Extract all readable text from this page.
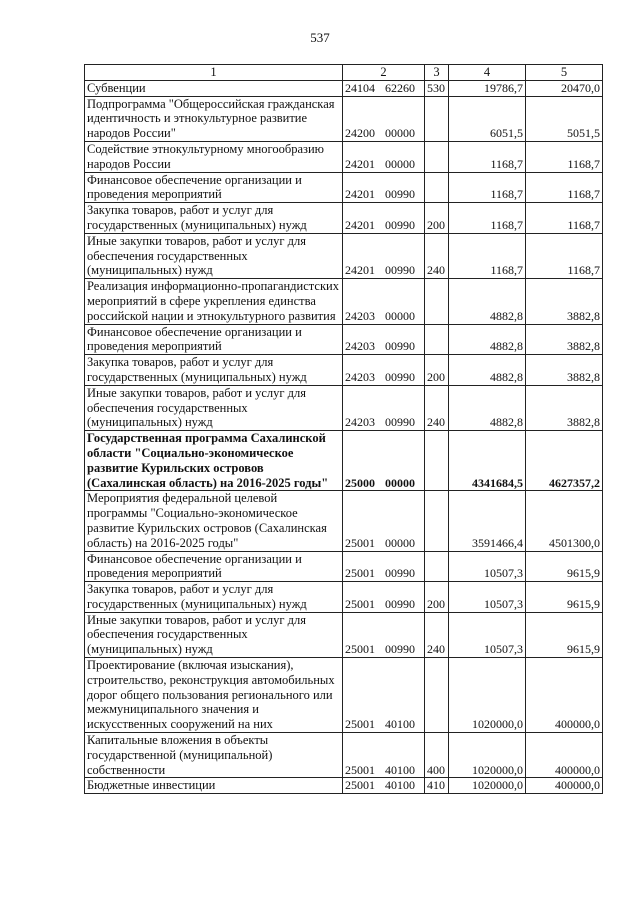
537
1	2	3	4	5
Субвенции	24104 62260	530	19786,7	20470,0
Подпрограмма "Общероссийская гражданская идентичность и этнокультурное развитие народов России"	24200 00000		6051,5	5051,5
Содействие этнокультурному многообразию народов России	24201 00000		1168,7	1168,7
Финансовое обеспечение организации и проведения мероприятий	24201 00990		1168,7	1168,7
Закупка товаров, работ и услуг для государственных (муниципальных) нужд	24201 00990	200	1168,7	1168,7
Иные закупки товаров, работ и услуг для обеспечения государственных (муниципальных) нужд	24201 00990	240	1168,7	1168,7
Реализация информационно-пропагандистских мероприятий в сфере укрепления единства российской нации и этнокультурного развития	24203 00000		4882,8	3882,8
Финансовое обеспечение организации и проведения мероприятий	24203 00990		4882,8	3882,8
Закупка товаров, работ и услуг для государственных (муниципальных) нужд	24203 00990	200	4882,8	3882,8
Иные закупки товаров, работ и услуг для обеспечения государственных (муниципальных) нужд	24203 00990	240	4882,8	3882,8
Государственная программа Сахалинской области "Социально-экономическое развитие Курильских островов (Сахалинская область) на 2016-2025 годы"	25000 00000		4341684,5	4627357,2
Мероприятия федеральной целевой программы "Социально-экономическое развитие Курильских островов (Сахалинская область) на 2016-2025 годы"	25001 00000		3591466,4	4501300,0
Финансовое обеспечение организации и проведения мероприятий	25001 00990		10507,3	9615,9
Закупка товаров, работ и услуг для государственных (муниципальных) нужд	25001 00990	200	10507,3	9615,9
Иные закупки товаров, работ и услуг для обеспечения государственных (муниципальных) нужд	25001 00990	240	10507,3	9615,9
Проектирование (включая изыскания), строительство, реконструкция автомобильных дорог общего пользования регионального или межмуниципального значения и искусственных сооружений на них	25001 40100		1020000,0	400000,0
Капитальные вложения в объекты государственной (муниципальной) собственности	25001 40100	400	1020000,0	400000,0
Бюджетные инвестиции	25001 40100	410	1020000,0	400000,0
